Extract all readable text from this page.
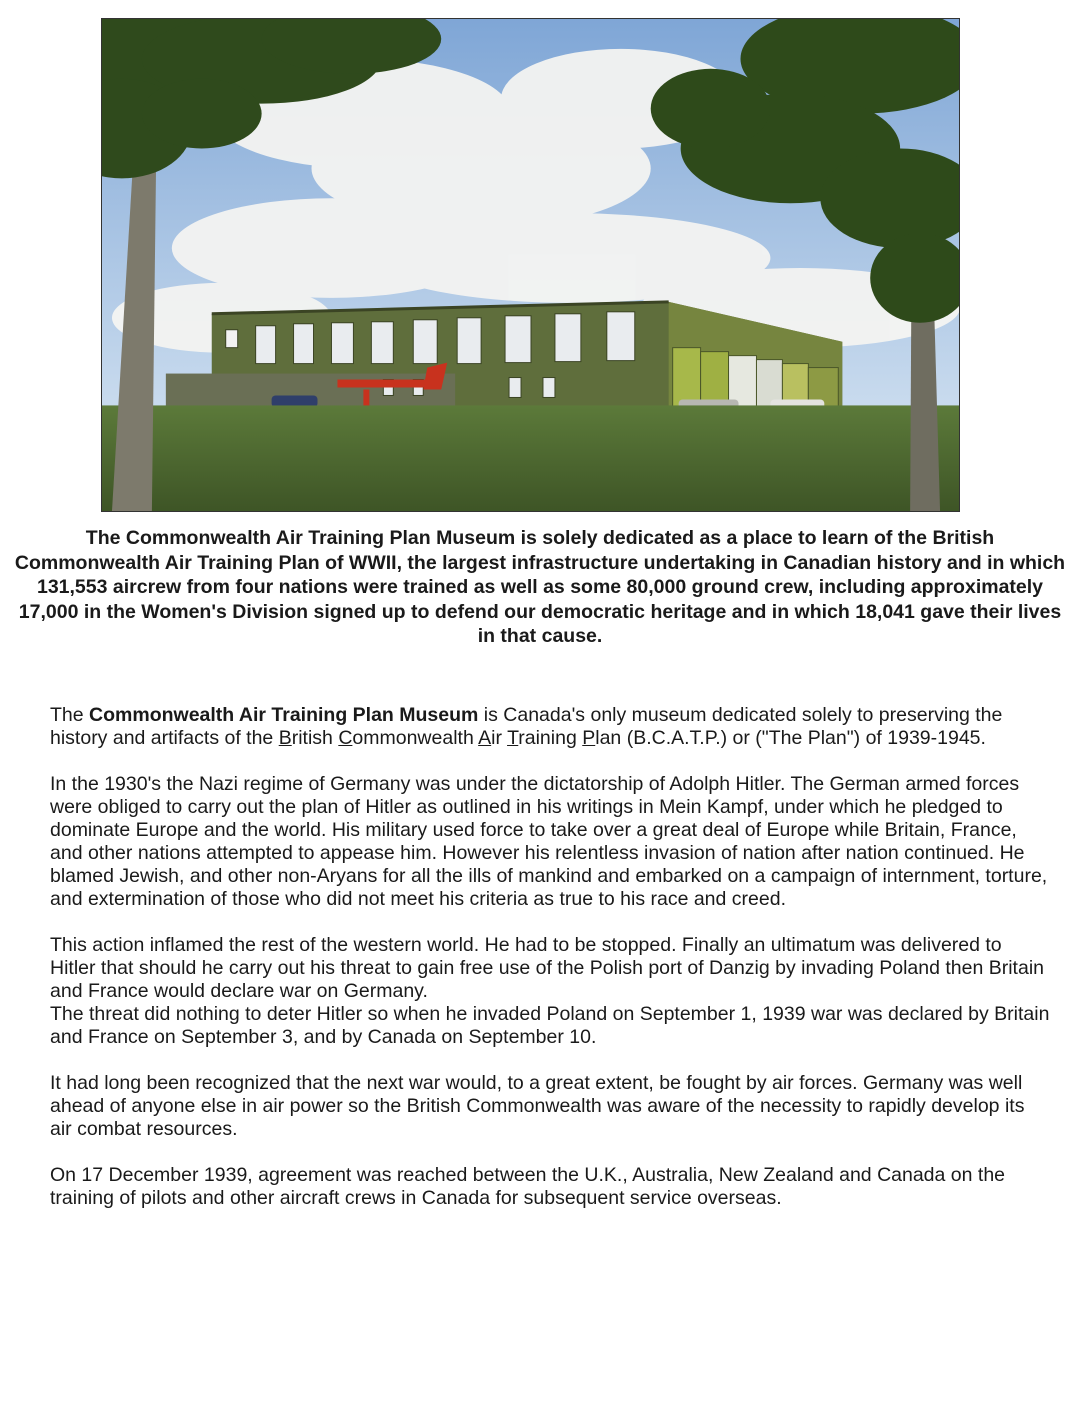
The Commonwealth Air Training Plan Museum is solely dedicated as a place to learn of the British Commonwealth Air Training Plan of WWII, the largest infrastructure undertaking in Canadian history and in which 131,553 aircrew from four nations were trained as well as some 80,000 ground crew, including approximately 17,000 in the Women's Division signed up to defend our democratic heritage and in which 18,041 gave their lives in that cause.

The Commonwealth Air Training Plan Museum is Canada's only museum dedicated solely to preserving the history and artifacts of the British Commonwealth Air Training Plan (B.C.A.T.P.) or ("The Plan") of 1939-1945.

In the 1930's the Nazi regime of Germany was under the dictatorship of Adolph Hitler. The German armed forces were obliged to carry out the plan of Hitler as outlined in his writings in Mein Kampf, under which he pledged to dominate Europe and the world. His military used force to take over a great deal of Europe while Britain, France, and other nations attempted to appease him. However his relentless invasion of nation after nation continued. He blamed Jewish, and other non-Aryans for all the ills of mankind and embarked on a campaign of internment, torture, and extermination of those who did not meet his criteria as true to his race and creed.

This action inflamed the rest of the western world. He had to be stopped. Finally an ultimatum was delivered to Hitler that should he carry out his threat to gain free use of the Polish port of Danzig by invading Poland then Britain and France would declare war on Germany.
The threat did nothing to deter Hitler so when he invaded Poland on September 1, 1939 war was declared by Britain and France on September 3, and by Canada on September 10.

It had long been recognized that the next war would, to a great extent, be fought by air forces. Germany was well ahead of anyone else in air power so the British Commonwealth was aware of the necessity to rapidly develop its air combat resources.

On 17 December 1939, agreement was reached between the U.K., Australia, New Zealand and Canada on the training of pilots and other aircraft crews in Canada for subsequent service overseas.
